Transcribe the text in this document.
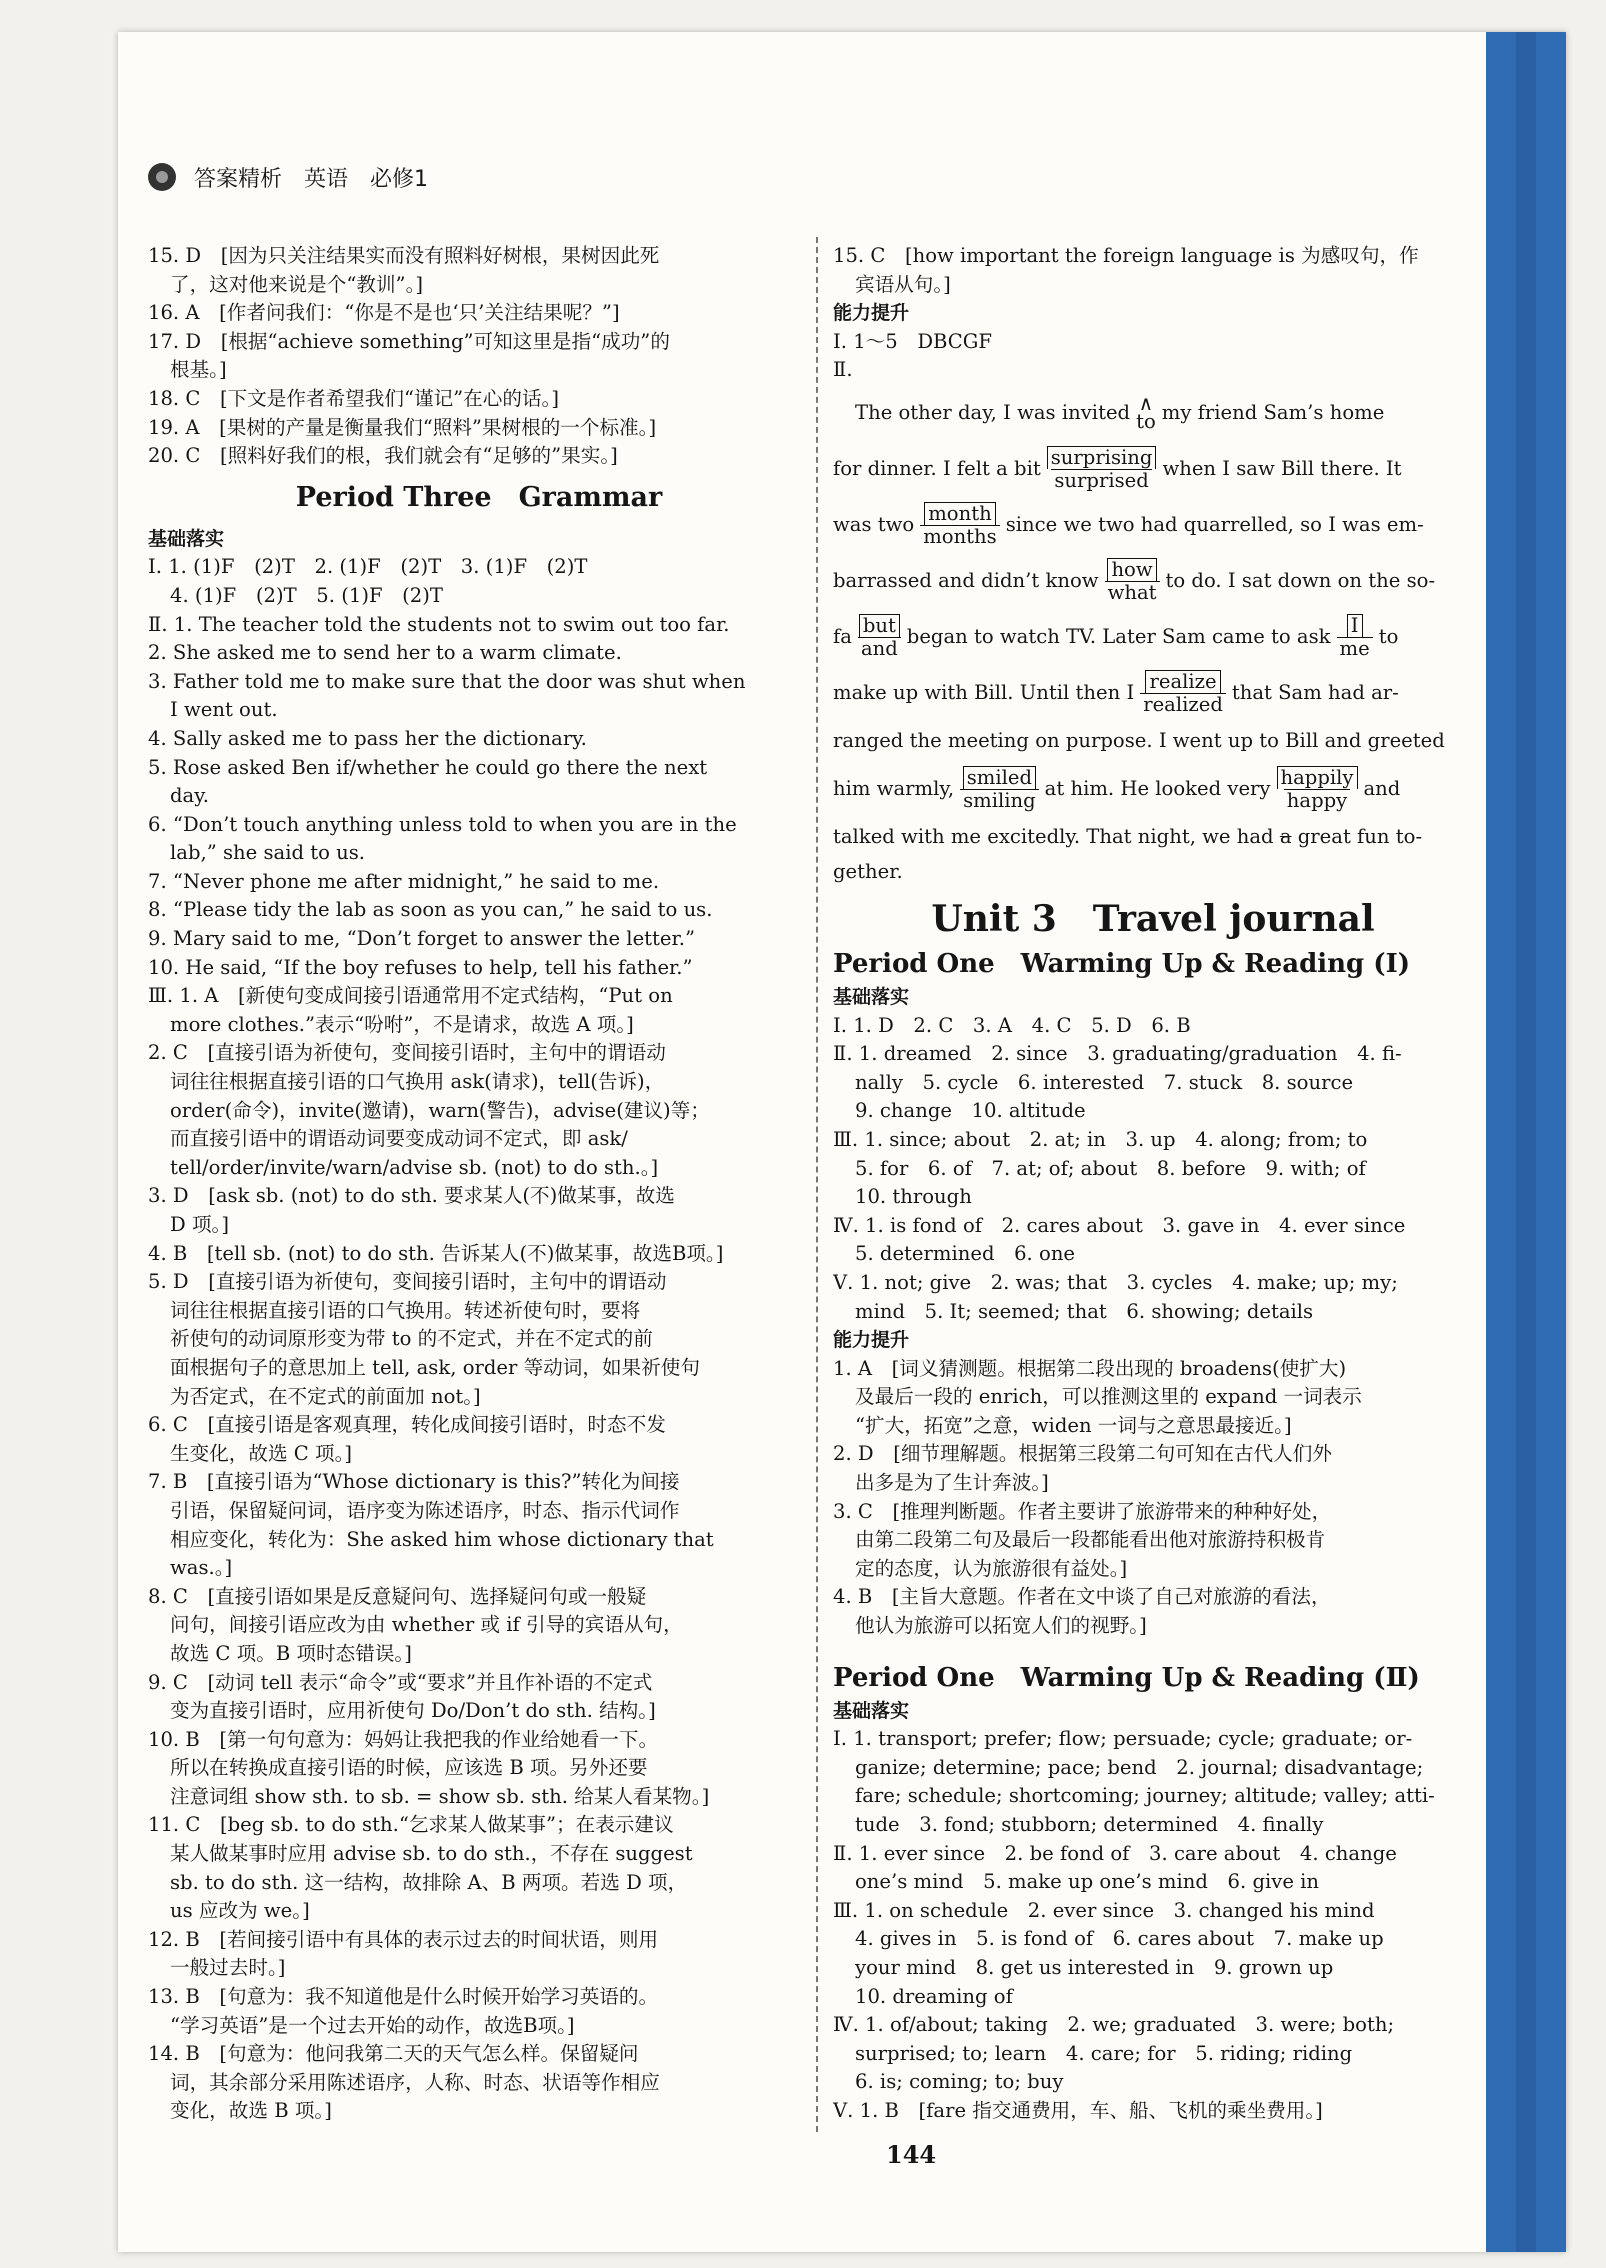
答案精析　英语　必修1
15. D　[因为只关注结果实而没有照料好树根，果树因此死
了，这对他来说是个“教训”。]
16. A　[作者问我们：“你是不是也‘只’关注结果呢？”]
17. D　[根据“achieve something”可知这里是指“成功”的
根基。]
18. C　[下文是作者希望我们“谨记”在心的话。]
19. A　[果树的产量是衡量我们“照料”果树根的一个标准。]
20. C　[照料好我们的根，我们就会有“足够的”果实。]
Period Three　Grammar
基础落实
Ⅰ. 1. (1)F　(2)T　2. (1)F　(2)T　3. (1)F　(2)T
4. (1)F　(2)T　5. (1)F　(2)T
Ⅱ. 1. The teacher told the students not to swim out too far.
2. She asked me to send her to a warm climate.
3. Father told me to make sure that the door was shut when
I went out.
4. Sally asked me to pass her the dictionary.
5. Rose asked Ben if/whether he could go there the next
day.
6. “Don’t touch anything unless told to when you are in the
lab,” she said to us.
7. “Never phone me after midnight,” he said to me.
8. “Please tidy the lab as soon as you can,” he said to us.
9. Mary said to me, “Don’t forget to answer the letter.”
10. He said, “If the boy refuses to help, tell his father.”
Ⅲ. 1. A　[新使句变成间接引语通常用不定式结构，“Put on
more clothes.”表示“吩咐”，不是请求，故选 A 项。]
2. C　[直接引语为祈使句，变间接引语时，主句中的谓语动
词往往根据直接引语的口气换用 ask(请求)，tell(告诉)，
order(命令)，invite(邀请)，warn(警告)，advise(建议)等；
而直接引语中的谓语动词要变成动词不定式，即 ask/
tell/order/invite/warn/advise sb. (not) to do sth.。]
3. D　[ask sb. (not) to do sth. 要求某人(不)做某事，故选
D 项。]
4. B　[tell sb. (not) to do sth. 告诉某人(不)做某事，故选B项。]
5. D　[直接引语为祈使句，变间接引语时，主句中的谓语动
词往往根据直接引语的口气换用。转述祈使句时，要将
祈使句的动词原形变为带 to 的不定式，并在不定式的前
面根据句子的意思加上 tell, ask, order 等动词，如果祈使句
为否定式，在不定式的前面加 not。]
6. C　[直接引语是客观真理，转化成间接引语时，时态不发
生变化，故选 C 项。]
7. B　[直接引语为“Whose dictionary is this?”转化为间接
引语，保留疑问词，语序变为陈述语序，时态、指示代词作
相应变化，转化为：She asked him whose dictionary that
was.。]
8. C　[直接引语如果是反意疑问句、选择疑问句或一般疑
问句，间接引语应改为由 whether 或 if 引导的宾语从句，
故选 C 项。B 项时态错误。]
9. C　[动词 tell 表示“命令”或“要求”并且作补语的不定式
变为直接引语时，应用祈使句 Do/Don’t do sth. 结构。]
10. B　[第一句句意为：妈妈让我把我的作业给她看一下。
所以在转换成直接引语的时候，应该选 B 项。另外还要
注意词组 show sth. to sb. = show sb. sth. 给某人看某物。]
11. C　[beg sb. to do sth.“乞求某人做某事”；在表示建议
某人做某事时应用 advise sb. to do sth.，不存在 suggest
sb. to do sth. 这一结构，故排除 A、B 两项。若选 D 项，
us 应改为 we。]
12. B　[若间接引语中有具体的表示过去的时间状语，则用
一般过去时。]
13. B　[句意为：我不知道他是什么时候开始学习英语的。
“学习英语”是一个过去开始的动作，故选B项。]
14. B　[句意为：他问我第二天的天气怎么样。保留疑问
词，其余部分采用陈述语序，人称、时态、状语等作相应
变化，故选 B 项。]
15. C　[how important the foreign language is 为感叹句，作
宾语从句。]
能力提升
Ⅰ. 1～5　DBCGF
Ⅱ.
The other day, I was invited ∧
to my friend Sam’s home
for dinner. I felt a bit surprising
surprised
when I saw Bill there. It
was two month
months
since we two had quarrelled, so I was em-
barrassed and didn’t know how
what
to do. I sat down on the so-
fa but
and
began to watch TV. Later Sam came to ask $\frac{I}{me}$ to
make up with Bill. Until then I realize
realized
that Sam had ar-
ranged the meeting on purpose. I went up to Bill and greeted
him warmly, smiled
smiling
at him. He looked very happily
happy
and
talked with me excitedly. That night, we had a great fun to-
gether.
Unit 3　Travel journal
Period One　Warming Up & Reading (Ⅰ)
基础落实
Ⅰ. 1. D　2. C　3. A　4. C　5. D　6. B
Ⅱ. 1. dreamed　2. since　3. graduating/graduation　4. fi-
nally　5. cycle　6. interested　7. stuck　8. source
9. change　10. altitude
Ⅲ. 1. since; about　2. at; in　3. up　4. along; from; to
5. for　6. of　7. at; of; about　8. before　9. with; of
10. through
Ⅳ. 1. is fond of　2. cares about　3. gave in　4. ever since
5. determined　6. one
Ⅴ. 1. not; give　2. was; that　3. cycles　4. make; up; my;
mind　5. It; seemed; that　6. showing; details
能力提升
1. A　[词义猜测题。根据第二段出现的 broadens(使扩大)
及最后一段的 enrich，可以推测这里的 expand 一词表示
“扩大，拓宽”之意，widen 一词与之意思最接近。]
2. D　[细节理解题。根据第三段第二句可知在古代人们外
出多是为了生计奔波。]
3. C　[推理判断题。作者主要讲了旅游带来的种种好处，
由第二段第二句及最后一段都能看出他对旅游持积极肯
定的态度，认为旅游很有益处。]
4. B　[主旨大意题。作者在文中谈了自己对旅游的看法，
他认为旅游可以拓宽人们的视野。]
Period One　Warming Up & Reading (Ⅱ)
基础落实
Ⅰ. 1. transport; prefer; flow; persuade; cycle; graduate; or-
ganize; determine; pace; bend　2. journal; disadvantage;
fare; schedule; shortcoming; journey; altitude; valley; atti-
tude　3. fond; stubborn; determined　4. finally
Ⅱ. 1. ever since　2. be fond of　3. care about　4. change
one’s mind　5. make up one’s mind　6. give in
Ⅲ. 1. on schedule　2. ever since　3. changed his mind
4. gives in　5. is fond of　6. cares about　7. make up
your mind　8. get us interested in　9. grown up
10. dreaming of
Ⅳ. 1. of/about; taking　2. we; graduated　3. were; both;
surprised; to; learn　4. care; for　5. riding; riding
6. is; coming; to; buy
Ⅴ. 1. B　[fare 指交通费用，车、船、飞机的乘坐费用。]
144
